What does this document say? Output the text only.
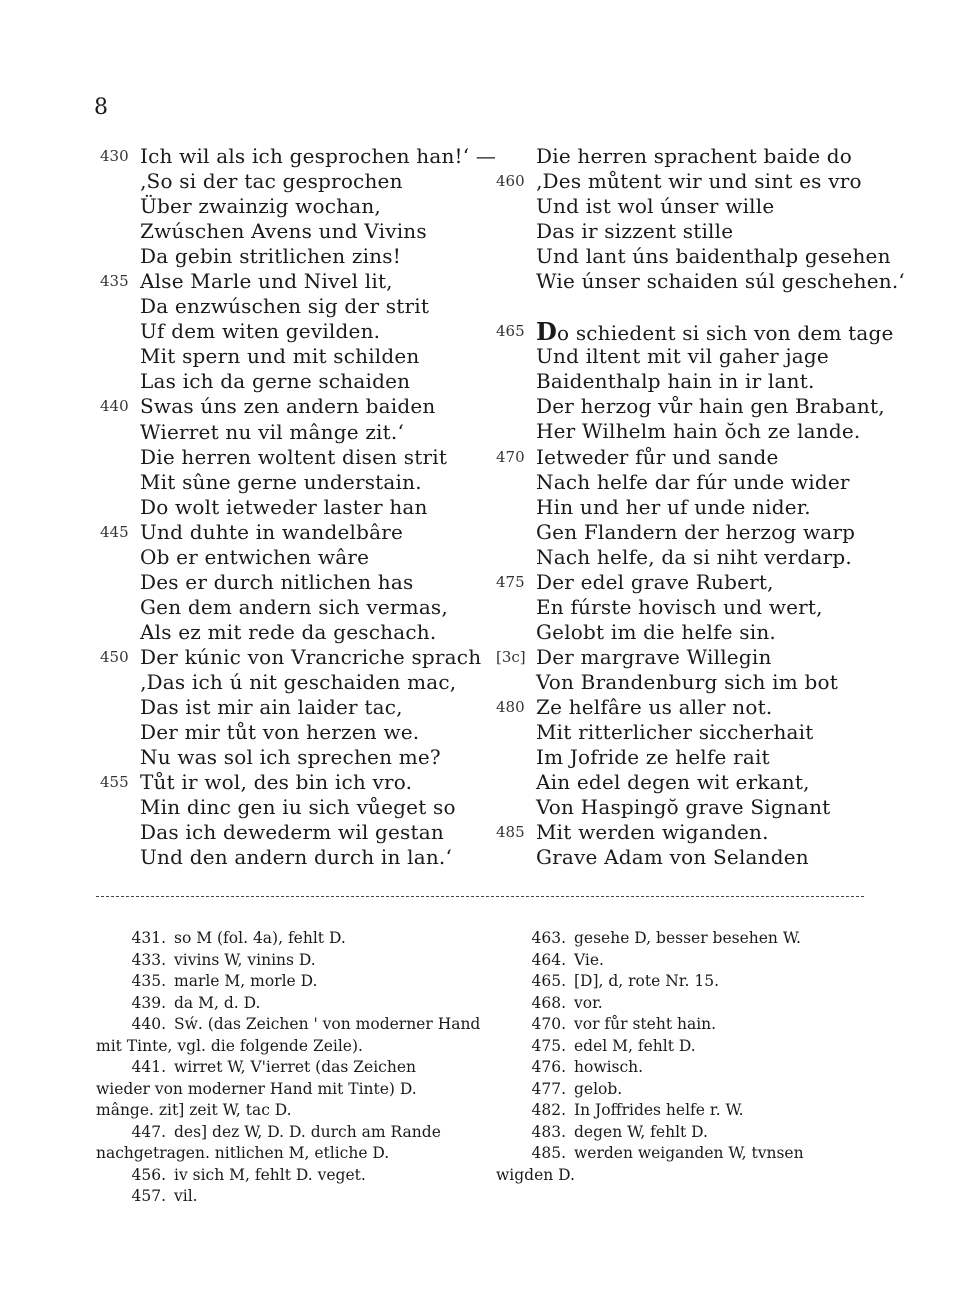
8
430 Ich wil als ich gesprochen han!‘ —
‚So si der tac gesprochen
Über zwainzig wochan,
Zwúschen Avens und Vivins
Da gebin stritlichen zins!
435 Alse Marle und Nivel lit,
Da enzwúschen sig der strit
Uf dem witen gevilden.
Mit spern und mit schilden
Las ich da gerne schaiden
440 Swas úns zen andern baiden
Wierret nu vil mânge zit.‘
Die herren woltent disen strit
Mit sûne gerne understain.
Do wolt ietweder laster han
445 Und duhte in wandelbâre
Ob er entwichen wâre
Des er durch nitlichen has
Gen dem andern sich vermas,
Als ez mit rede da geschach.
450 Der kúnic von Vrancriche sprach
‚Das ich ú nit geschaiden mac,
Das ist mir ain laider tac,
Der mir tůt von herzen we.
Nu was sol ich sprechen me?
455 Tůt ir wol, des bin ich vro.
Min dinc gen iu sich vůeget so
Das ich dewederm wil gestan
Und den andern durch in lan.‘
Die herren sprachent baide do
460 ‚Des můtent wir und sint es vro
Und ist wol únser wille
Das ir sizzent stille
Und lant úns baidenthalp gesehen
Wie únser schaiden súl geschehen.‘
465 Do schiedent si sich von dem tage
Und iltent mit vil gaher jage
Baidenthalp hain in ir lant.
Der herzog vůr hain gen Brabant,
Her Wilhelm hain ŏch ze lande.
470 Ietweder fůr und sande
Nach helfe dar fúr unde wider
Hin und her uf unde nider.
Gen Flandern der herzog warp
Nach helfe, da si niht verdarp.
475 Der edel grave Rubert,
En fúrste hovisch und wert,
Gelobt im die helfe sin.
[3c] Der margrave Willegin
Von Brandenburg sich im bot
480 Ze helfâre us aller not.
Mit ritterlicher siccherhait
Im Jofride ze helfe rait
Ain edel degen wit erkant,
Von Haspingŏ grave Signant
485 Mit werden wiganden.
Grave Adam von Selanden
431. so M (fol. 4a), fehlt D.
433. vivins W, vinins D.
435. marle M, morle D.
439. da M, d. D.
440. Sẃ. (das Zeichen ' von moderner Hand
mit Tinte, vgl. die folgende Zeile).
441. wirret W, V'ierret (das Zeichen
wieder von moderner Hand mit Tinte) D.
mânge. zit] zeit W, tac D.
447. des] dez W, D. D. durch am Rande
nachgetragen. nitlichen M, etliche D.
456. iv sich M, fehlt D. veget.
457. vil.
463. gesehe D, besser besehen W.
464. Vie.
465. [D], d, rote Nr. 15.
468. vor.
470. vor fůr steht hain.
475. edel M, fehlt D.
476. howisch.
477. gelob.
482. In Joffrides helfe r. W.
483. degen W, fehlt D.
485. werden weiganden W, tvnsen
wigden D.
